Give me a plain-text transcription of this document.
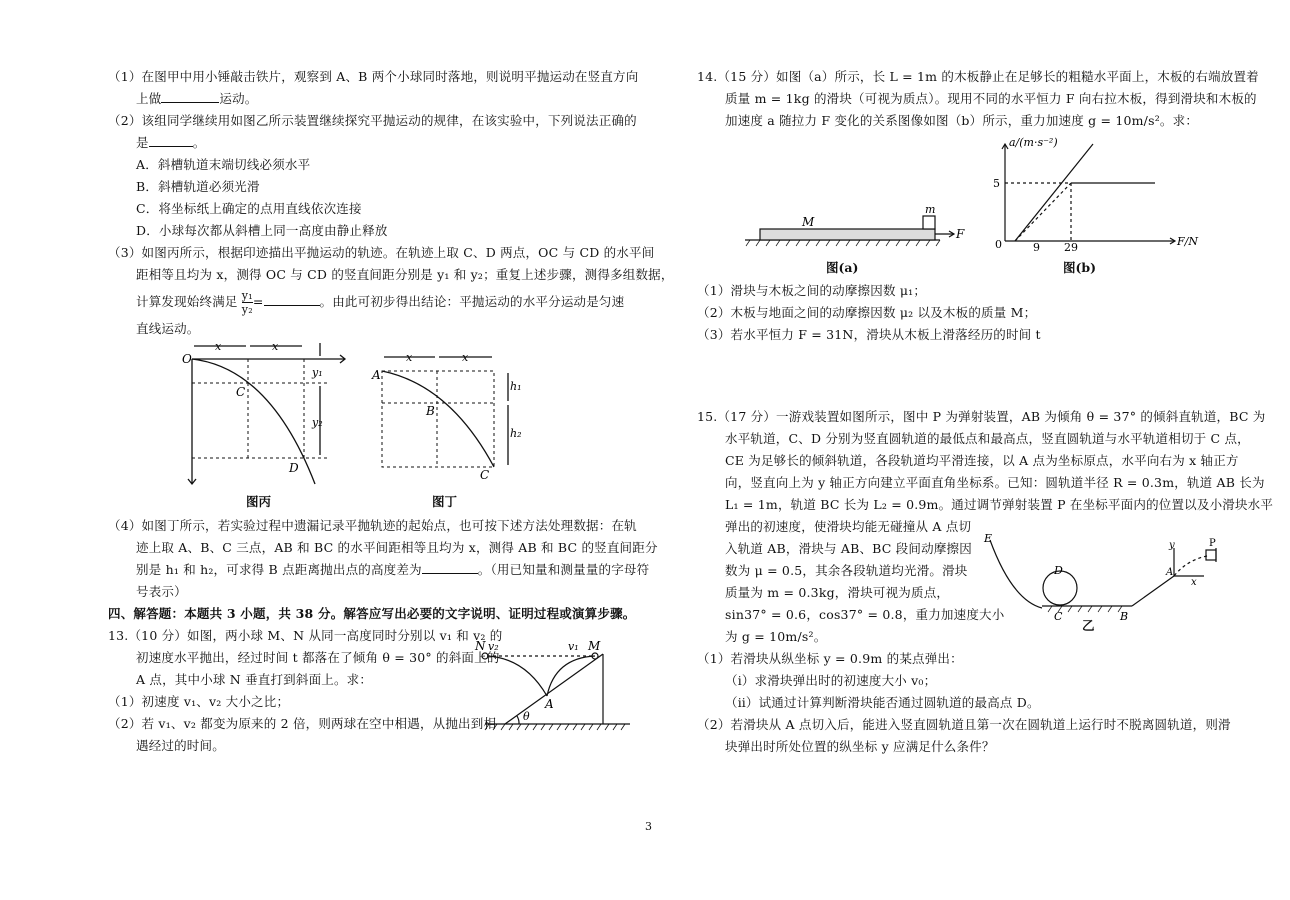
（1）在图甲中用小锤敲击铁片，观察到 A、B 两个小球同时落地，则说明平抛运动在竖直方向
上做	运动。
（2）该组同学继续用如图乙所示装置继续探究平抛运动的规律，在该实验中，下列说法正确的
是	。
A．斜槽轨道末端切线必须水平
B．斜槽轨道必须光滑
C．将坐标纸上确定的点用直线依次连接
D．小球每次都从斜槽上同一高度由静止释放
（3）如图丙所示，根据印迹描出平抛运动的轨迹。在轨迹上取 C、D 两点，OC 与 CD 的水平间
距相等且均为 x，测得 OC 与 CD 的竖直间距分别是 y₁ 和 y₂；重复上述步骤，测得多组数据，
计算发现始终满足 $\frac{\text{y₁}}{\text{y₂}}$ =	。由此可初步得出结论：平抛运动的水平分运动是匀速
直线运动。
O
C
D
x	x
y₁
y₂
图丙
A
B
C
x	x
h₁
h₂
图丁
（4）如图丁所示，若实验过程中遗漏记录平抛轨迹的起始点，也可按下述方法处理数据：在轨
迹上取 A、B、C 三点，AB 和 BC 的水平间距相等且均为 x，测得 AB 和 BC 的竖直间距分
别是 h₁ 和 h₂，可求得 B 点距离抛出点的高度差为	。（用已知量和测量量的字母符
号表示）
四、解答题：本题共 3 小题，共 38 分。解答应写出必要的文字说明、证明过程或演算步骤。
13.（10 分）如图，两小球 M、N 从同一高度同时分别以 v₁ 和 v₂ 的
初速度水平抛出，经过时间 t 都落在了倾角 θ = 30° 的斜面上的
A 点，其中小球 N 垂直打到斜面上。求：
（1）初速度 v₁、v₂ 大小之比；
（2）若 v₁、v₂ 都变为原来的 2 倍，则两球在空中相遇，从抛出到相
遇经过的时间。
N v₂	v₁ M
A
θ
14.（15 分）如图（a）所示，长 L = 1m 的木板静止在足够长的粗糙水平面上，木板的右端放置着
质量 m = 1kg 的滑块（可视为质点）。现用不同的水平恒力 F 向右拉木板，得到滑块和木板的
加速度 a 随拉力 F 变化的关系图像如图（b）所示，重力加速度 g = 10m/s²。求：
M
m
F
图(a)
a/(m·s⁻²)
F/N
5
0	9 29
图(b)
（1）滑块与木板之间的动摩擦因数 μ₁；
（2）木板与地面之间的动摩擦因数 μ₂ 以及木板的质量 M；
（3）若水平恒力 F = 31N，滑块从木板上滑落经历的时间 t
15.（17 分）一游戏装置如图所示，图中 P 为弹射装置，AB 为倾角 θ = 37° 的倾斜直轨道，BC 为
水平轨道，C、D 分别为竖直圆轨道的最低点和最高点，竖直圆轨道与水平轨道相切于 C 点，
CE 为足够长的倾斜轨道，各段轨道均平滑连接，以 A 点为坐标原点，水平向右为 x 轴正方
向，竖直向上为 y 轴正方向建立平面直角坐标系。已知：圆轨道半径 R = 0.3m，轨道 AB 长为
L₁ = 1m，轨道 BC 长为 L₂ = 0.9m。通过调节弹射装置 P 在坐标平面内的位置以及小滑块水平
弹出的初速度，使滑块均能无碰撞从 A 点切
入轨道 AB，滑块与 AB、BC 段间动摩擦因
数为 μ = 0.5，其余各段轨道均光滑。滑块
质量为 m = 0.3kg，滑块可视为质点，
sin37° = 0.6，cos37° = 0.8，重力加速度大小
为 g = 10m/s²。
（1）若滑块从纵坐标 y = 0.9m 的某点弹出：
（ⅰ）求滑块弹出时的初速度大小 v₀；
（ⅱ）试通过计算判断滑块能否通过圆轨道的最高点 D。
（2）若滑块从 A 点切入后，能进入竖直圆轨道且第一次在圆轨道上运行时不脱离圆轨道，则滑
块弹出时所处位置的纵坐标 y 应满足什么条件？
E
D
C	B
A
y
x
P
乙
3
